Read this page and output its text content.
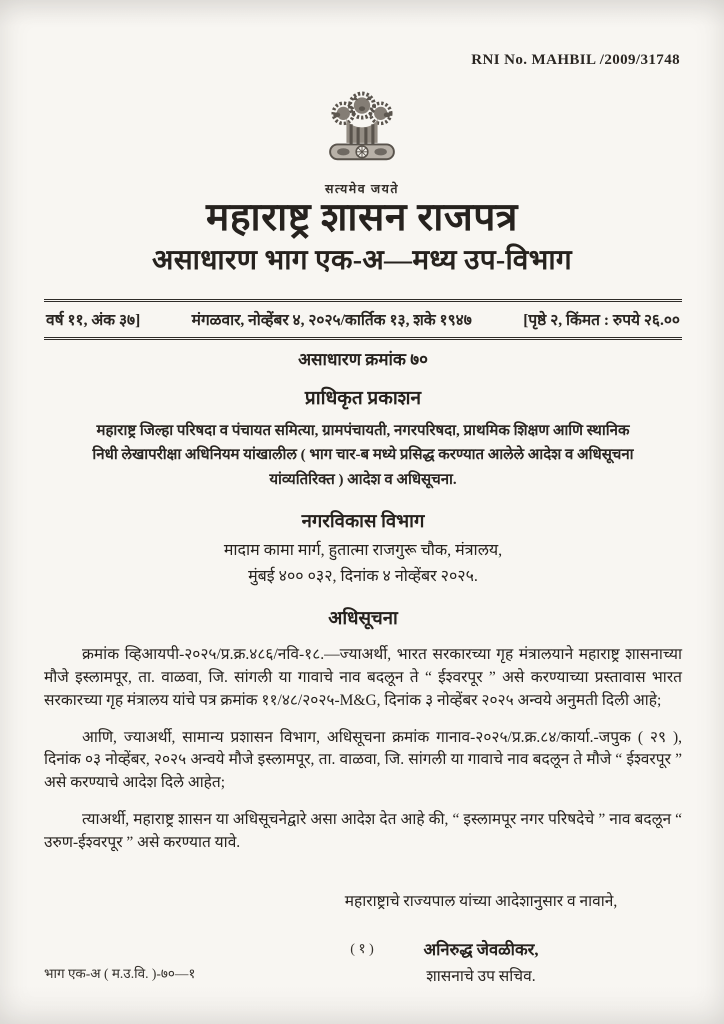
RNI No. MAHBIL /2009/31748
सत्यमेव जयते
महाराष्ट्र शासन राजपत्र
असाधारण भाग एक-अ—मध्य उप-विभाग
वर्ष ११, अंक ३७]	मंगळवार, नोव्हेंबर ४, २०२५/कार्तिक १३, शके १९४७	[पृष्ठे २, किंमत : रुपये २६.००
असाधारण क्रमांक ७०
प्राधिकृत प्रकाशन
महाराष्ट्र जिल्हा परिषदा व पंचायत समित्या, ग्रामपंचायती, नगरपरिषदा, प्राथमिक शिक्षण आणि स्थानिक निधी लेखापरीक्षा अधिनियम यांखालील ( भाग चार-ब मध्ये प्रसिद्ध करण्यात आलेले आदेश व अधिसूचना यांव्यतिरिक्त ) आदेश व अधिसूचना.
नगरविकास विभाग
मादाम कामा मार्ग, हुतात्मा राजगुरू चौक, मंत्रालय,
मुंबई ४०० ०३२, दिनांक ४ नोव्हेंबर २०२५.
अधिसूचना
क्रमांक व्हिआयपी-२०२५/प्र.क्र.४८६/नवि-१८.—ज्याअर्थी, भारत सरकारच्या गृह मंत्रालयाने महाराष्ट्र शासनाच्या मौजे इस्लामपूर, ता. वाळवा, जि. सांगली या गावाचे नाव बदलून ते “ ईश्वरपूर ” असे करण्याच्या प्रस्तावास भारत सरकारच्या गृह मंत्रालय यांचे पत्र क्रमांक ११/४८/२०२५-M&G, दिनांक ३ नोव्हेंबर २०२५ अन्वये अनुमती दिली आहे;
आणि, ज्याअर्थी, सामान्य प्रशासन विभाग, अधिसूचना क्रमांक गानाव-२०२५/प्र.क्र.८४/कार्या.-जपुक ( २९ ), दिनांक ०३ नोव्हेंबर, २०२५ अन्वये मौजे इस्लामपूर, ता. वाळवा, जि. सांगली या गावाचे नाव बदलून ते मौजे “ ईश्वरपूर ” असे करण्याचे आदेश दिले आहेत;
त्याअर्थी, महाराष्ट्र शासन या अधिसूचनेद्वारे असा आदेश देत आहे की, “ इस्लामपूर नगर परिषदेचे ” नाव बदलून “ उरुण-ईश्वरपूर ” असे करण्यात यावे.
महाराष्ट्राचे राज्यपाल यांच्या आदेशानुसार व नावाने,
अनिरुद्ध जेवळीकर,
शासनाचे उप सचिव.
( १ )
भाग एक-अ ( म.उ.वि. )-७०—१
